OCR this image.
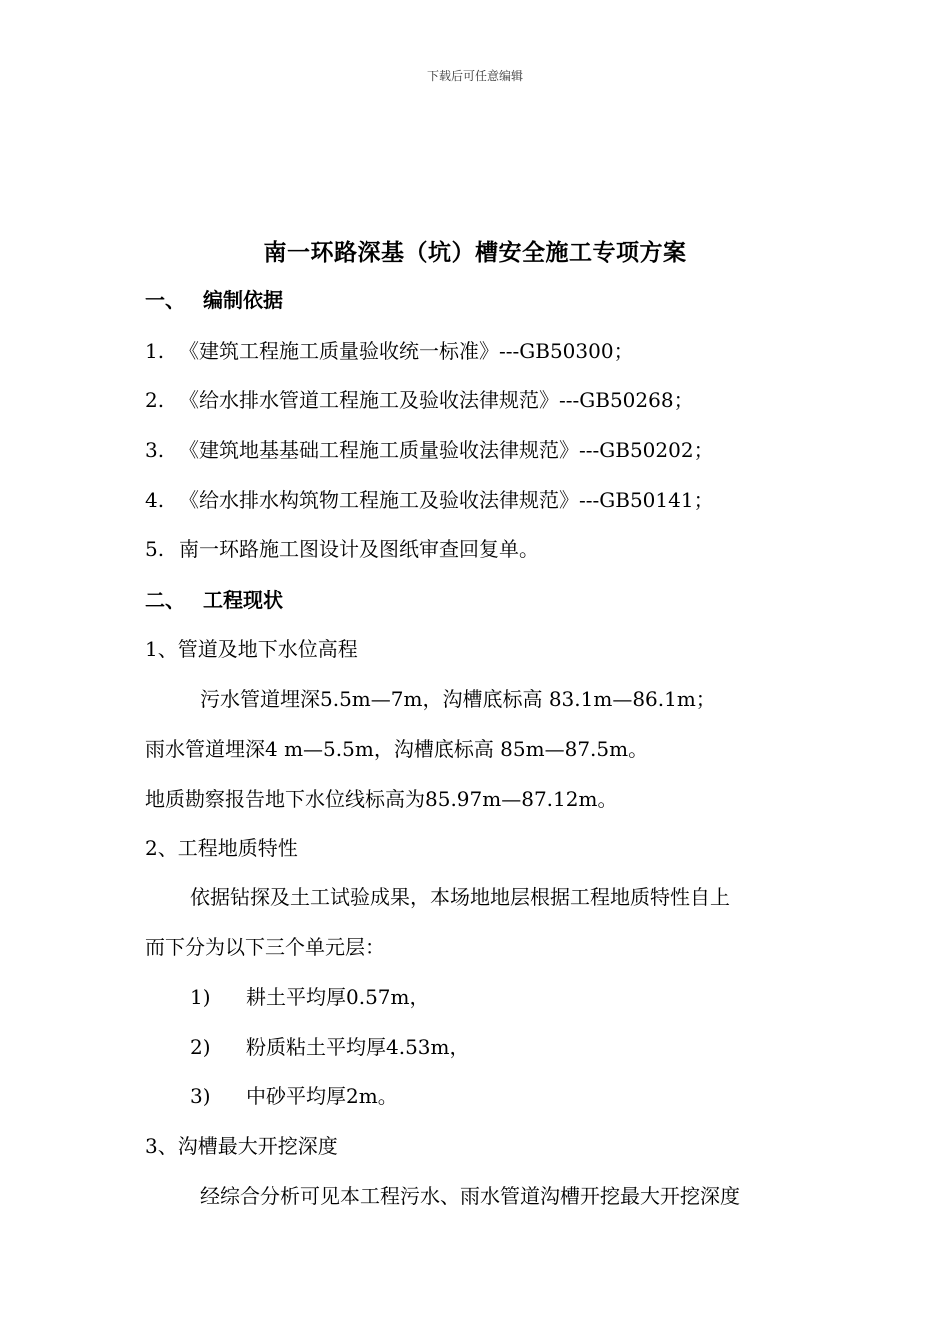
下载后可任意编辑
南一环路深基（坑）槽安全施工专项方案
一、 编制依据
1. 《建筑工程施工质量验收统一标准》---GB50300；
2. 《给水排水管道工程施工及验收法律规范》---GB50268；
3. 《建筑地基基础工程施工质量验收法律规范》---GB50202；
4. 《给水排水构筑物工程施工及验收法律规范》---GB50141；
5. 南一环路施工图设计及图纸审查回复单。
二、 工程现状
1、管道及地下水位高程
污水管道埋深5.5m—7m，沟槽底标高 83.1m—86.1m；
雨水管道埋深4 m—5.5m，沟槽底标高 85m—87.5m。
地质勘察报告地下水位线标高为85.97m—87.12m。
2、工程地质特性
依据钻探及土工试验成果，本场地地层根据工程地质特性自上
而下分为以下三个单元层：
1) 耕土平均厚0.57m，
2) 粉质粘土平均厚4.53m，
3) 中砂平均厚2m。
3、沟槽最大开挖深度
经综合分析可见本工程污水、雨水管道沟槽开挖最大开挖深度
